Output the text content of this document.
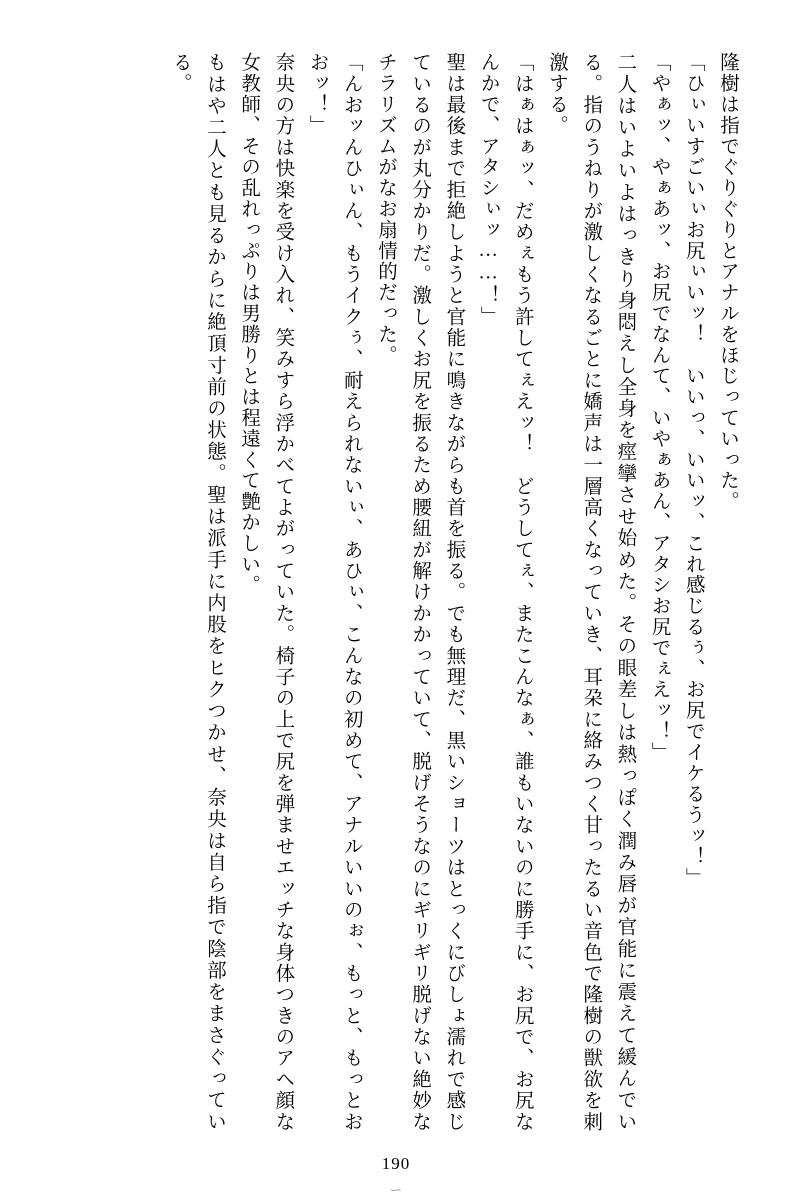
隆樹は指でぐりぐりとアナルをほじっていった。

「ひぃいすごいぃお尻ぃいッ！　いいっ、いいッ、これ感じるぅ、お尻でイケるうッ！」

「やぁッ、やぁあッ、お尻でなんて、いやぁあん、アタシお尻でぇえッ！」

二人はいよいよはっきり身悶えし全身を痙攣させ始めた。その眼差しは熱っぽく潤み唇が官能に震えて緩んでいる。指のうねりが激しくなるごとに嬌声は一層高くなっていき、耳朶に絡みつく甘ったるい音色で隆樹の獣欲を刺激する。

「はぁはぁッ、だめぇもう許してぇえッ！　どうしてぇ、またこんなぁ、誰もいないのに勝手に、お尻で、お尻なんかで、アタシぃッ……！」

聖は最後まで拒絶しようと官能に鳴きながらも首を振る。でも無理だ、黒いショーツはとっくにびしょ濡れで感じているのが丸分かりだ。激しくお尻を振るため腰紐が解けかかっていて、脱げそうなのにギリギリ脱げない絶妙なチラリズムがなお扇情的だった。

「んおッんひぃん、もうイクぅ、耐えられないぃ、あひぃ、こんなの初めて、アナルいいのぉ、もっと、もっとおおッ！」

奈央の方は快楽を受け入れ、笑みすら浮かべてよがっていた。椅子の上で尻を弾ませエッチな身体つきのアヘ顔な女教師、その乱れっぷりは男勝りとは程遠くて艶かしい。

もはや二人とも見るからに絶頂寸前の状態。聖は派手に内股をヒクつかせ、奈央は自ら指で陰部をまさぐっている。

190
ー
